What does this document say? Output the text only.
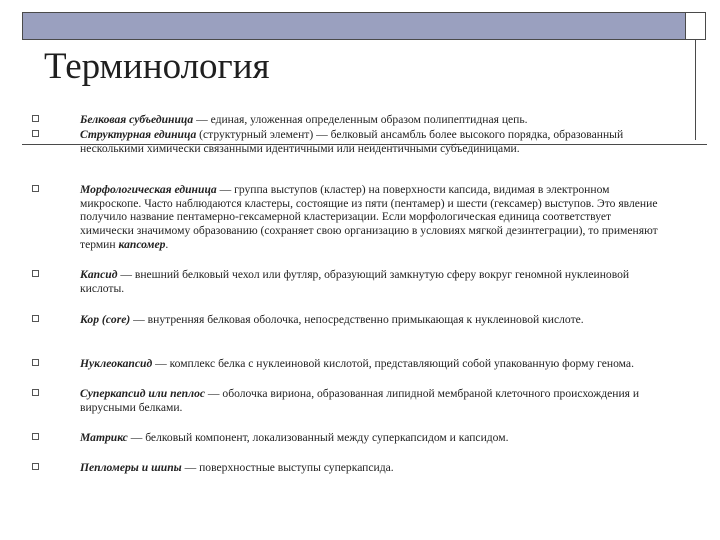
Терминология
Белковая субъединица — единая, уложенная определенным образом полипептидная цепь.
Структурная единица (структурный элемент) — белковый ансамбль более высокого порядка, образованный несколькими химически связанными идентичными или неидентичными субъединицами.
Морфологическая единица — группа выступов (кластер) на поверхности капсида, видимая в электронном микроскопе. Часто наблюдаются кластеры, состоящие из пяти (пентамер) и шести (гексамер) выступов. Это явление получило название пентамерно-гексамерной кластеризации. Если морфологическая единица соответствует химически значимому образованию (сохраняет свою организацию в условиях мягкой дезинтеграции), то применяют термин капсомер.
Капсид — внешний белковый чехол или футляр, образующий замкнутую сферу вокруг геномной нуклеиновой кислоты.
Кор (core) — внутренняя белковая оболочка, непосредственно примыкающая к нуклеиновой кислоте.
Нуклеокапсид — комплекс белка с нуклеиновой кислотой, представляющий собой упакованную форму генома.
Суперкапсид или пеплос — оболочка вириона, образованная липидной мембраной клеточного происхождения и вирусными белками.
Матрикс — белковый компонент, локализованный между суперкапсидом и капсидом.
Пепломеры и шипы — поверхностные выступы суперкапсида.
